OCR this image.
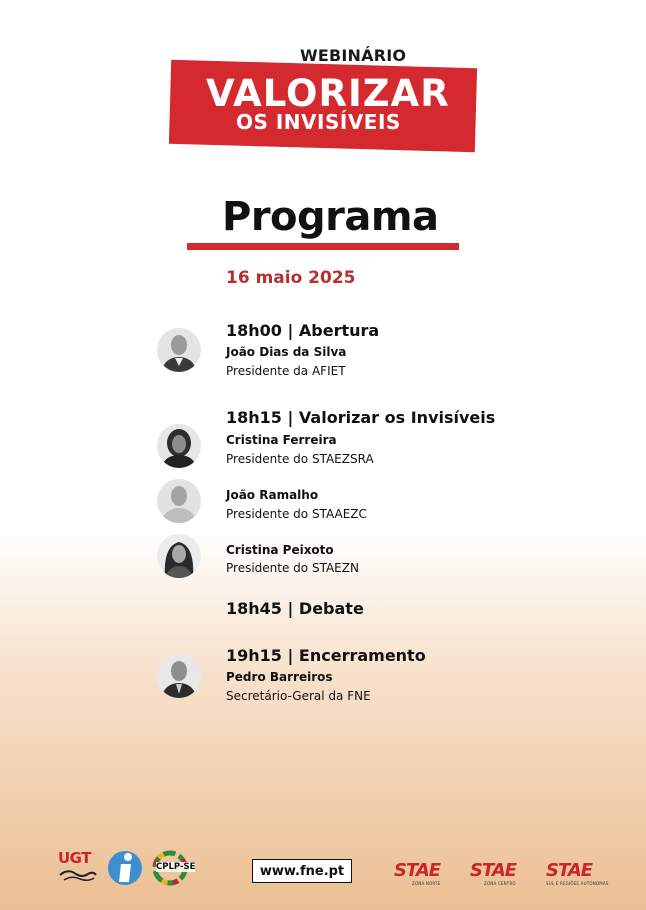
WEBINÁRIO
VALORIZAR
OS INVISÍVEIS
Programa
16 maio 2025
18h00 | Abertura
João Dias da Silva
Presidente da AFIET
18h15 | Valorizar os Invisíveis
Cristina Ferreira
Presidente do STAEZSRA
João Ramalho
Presidente do STAAEZC
Cristina Peixoto
Presidente do STAEZN
18h45 | Debate
19h15 | Encerramento
Pedro Barreiros
Secretário-Geral da FNE
UGT	CPLP-SE	www.fne.pt	STAE
ZONA NORTE
STAE
ZONA CENTRO
STAE
SUL E REGIÕES AUTÓNOMAS
